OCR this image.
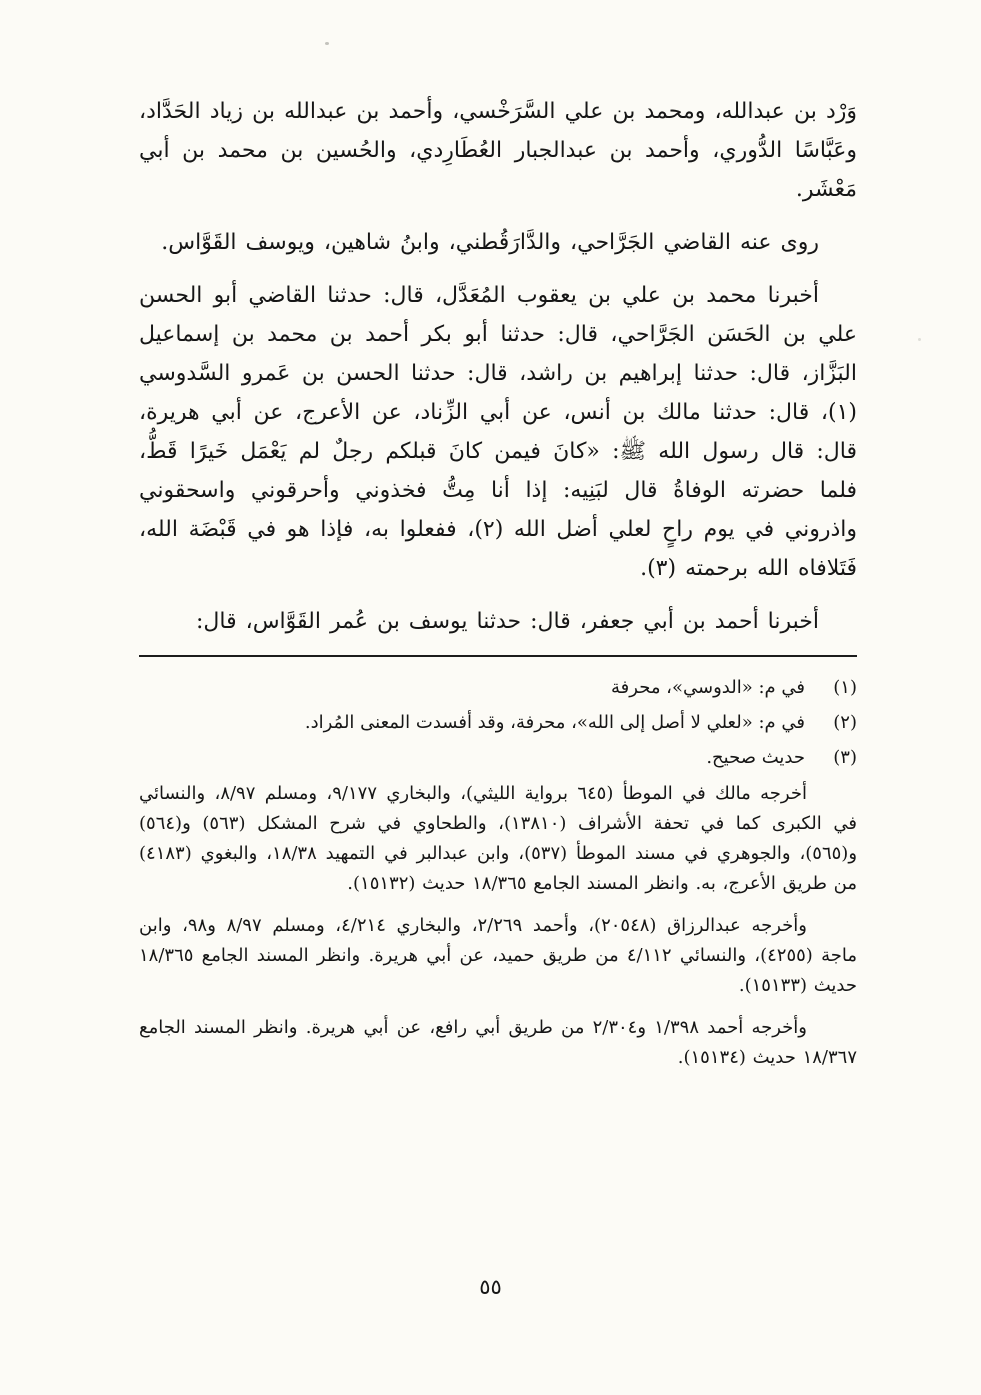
وَرْد بن عبدالله، ومحمد بن علي السَّرَخْسي، وأحمد بن عبدالله بن زياد الحَدَّاد، وعَبَّاسًا الدُّوري، وأحمد بن عبدالجبار العُطَارِدي، والحُسين بن محمد بن أبي مَعْشَر.

روى عنه القاضي الجَرَّاحي، والدَّارَقُطني، وابنُ شاهين، ويوسف القَوَّاس.

أخبرنا محمد بن علي بن يعقوب المُعَدَّل، قال: حدثنا القاضي أبو الحسن علي بن الحَسَن الجَرَّاحي، قال: حدثنا أبو بكر أحمد بن محمد بن إسماعيل البَزَّاز، قال: حدثنا إبراهيم بن راشد، قال: حدثنا الحسن بن عَمرو السَّدوسي (١)، قال: حدثنا مالك بن أنس، عن أبي الزِّناد، عن الأعرج، عن أبي هريرة، قال: قال رسول الله ﷺ: «كانَ فيمن كانَ قبلكم رجلٌ لم يَعْمَل خَيرًا قَطُّ، فلما حضرته الوفاةُ قال لبَنِيه: إذا أنا مِتُّ فخذوني وأحرقوني واسحقوني واذروني في يوم راحٍ لعلي أضل الله (٢)، ففعلوا به، فإذا هو في قَبْضَة الله، فَتَلافاه الله برحمته (٣).

أخبرنا أحمد بن أبي جعفر، قال: حدثنا يوسف بن عُمر القَوَّاس، قال:

(١)
في م: «الدوسي»، محرفة
(٢)
في م: «لعلي لا أصل إلى الله»، محرفة، وقد أفسدت المعنى المُراد.
(٣)
حديث صحيح.

أخرجه مالك في الموطأ (٦٤٥ برواية الليثي)، والبخاري ٩/١٧٧، ومسلم ٨/٩٧، والنسائي في الكبرى كما في تحفة الأشراف (١٣٨١٠)، والطحاوي في شرح المشكل (٥٦٣) و(٥٦٤) و(٥٦٥)، والجوهري في مسند الموطأ (٥٣٧)، وابن عبدالبر في التمهيد ١٨/٣٨، والبغوي (٤١٨٣) من طريق الأعرج، به. وانظر المسند الجامع ١٨/٣٦٥ حديث (١٥١٣٢).

وأخرجه عبدالرزاق (٢٠٥٤٨)، وأحمد ٢/٢٦٩، والبخاري ٤/٢١٤، ومسلم ٨/٩٧ و٩٨، وابن ماجة (٤٢٥٥)، والنسائي ٤/١١٢ من طريق حميد، عن أبي هريرة. وانظر المسند الجامع ١٨/٣٦٥ حديث (١٥١٣٣).

وأخرجه أحمد ١/٣٩٨ و٢/٣٠٤ من طريق أبي رافع، عن أبي هريرة. وانظر المسند الجامع ١٨/٣٦٧ حديث (١٥١٣٤).

٥٥
